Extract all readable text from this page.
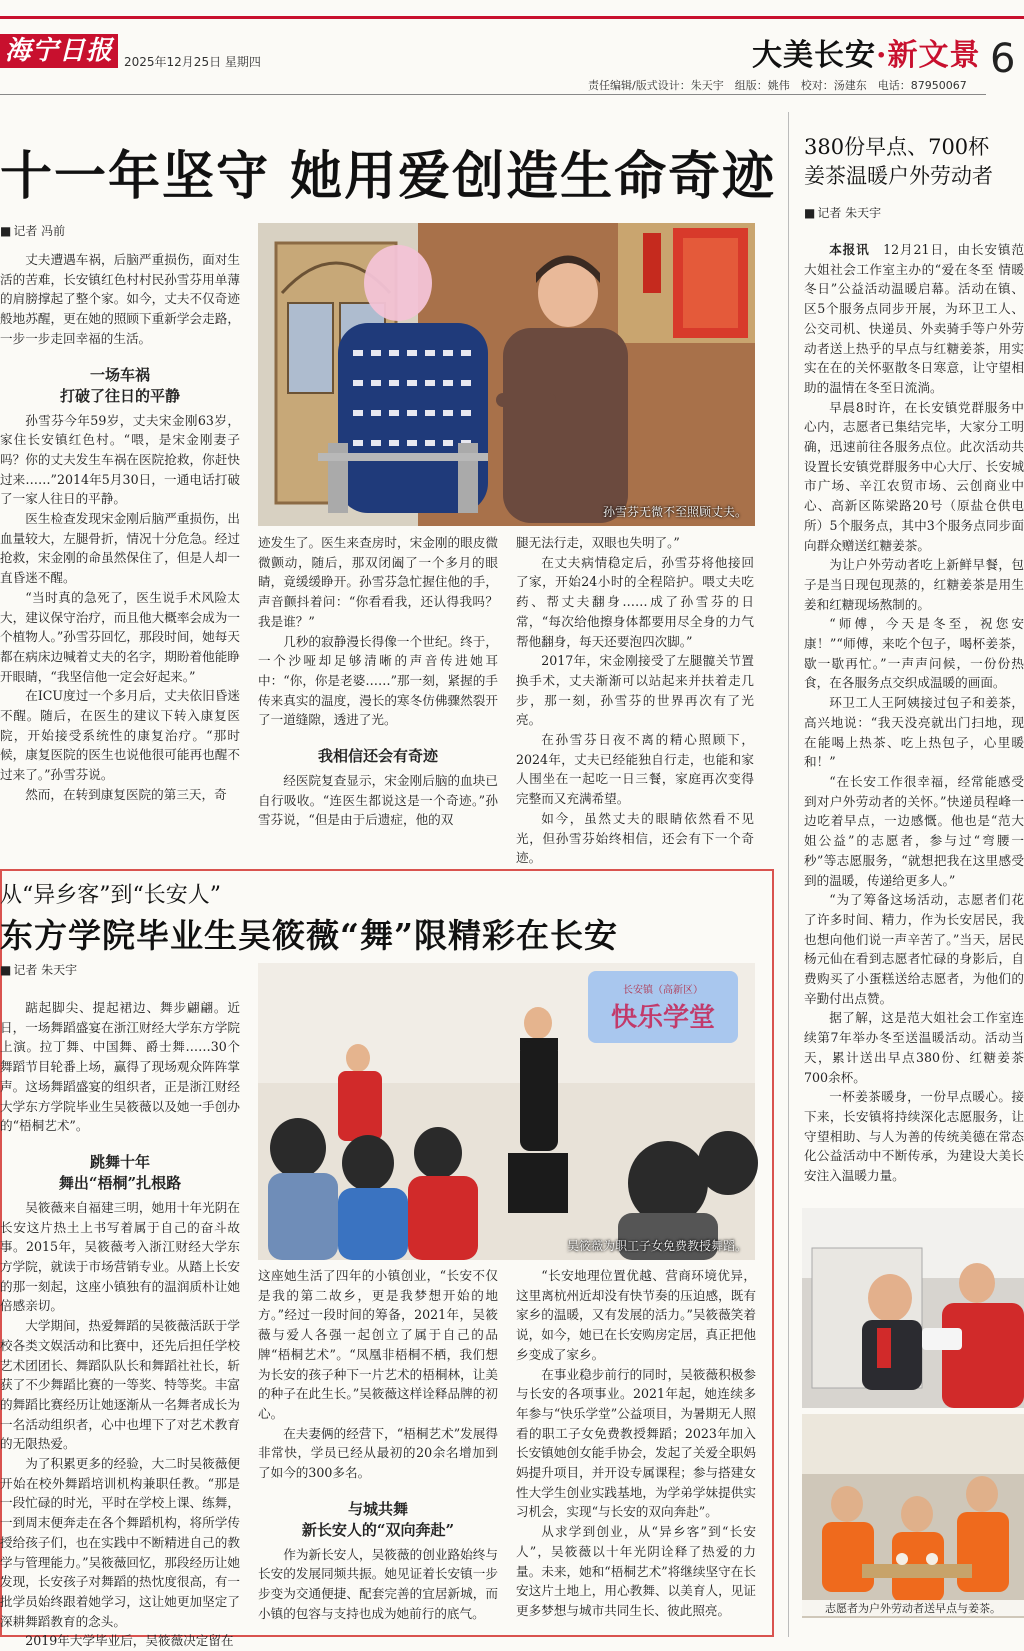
海宁日报 2025年12月25日 星期四	大美长安·新文景 6
责任编辑/版式设计：朱天宇　组版：姚伟　校对：汤建东　电话：87950067
十一年坚守 她用爱创造生命奇迹
■ 记者 冯前

丈夫遭遇车祸，后脑严重损伤，面对生活的苦难，长安镇红色村村民孙雪芬用单薄的肩膀撑起了整个家。如今，丈夫不仅奇迹般地苏醒，更在她的照顾下重新学会走路，一步一步走回幸福的生活。

一场车祸
打破了往日的平静

孙雪芬今年59岁，丈夫宋金刚63岁，家住长安镇红色村。“喂，是宋金刚妻子吗？你的丈夫发生车祸在医院抢救，你赶快过来……”2014年5月30日，一通电话打破了一家人往日的平静。

医生检查发现宋金刚后脑严重损伤，出血量较大，左腿骨折，情况十分危急。经过抢救，宋金刚的命虽然保住了，但是人却一直昏迷不醒。

“当时真的急死了，医生说手术风险太大，建议保守治疗，而且他大概率会成为一个植物人。”孙雪芬回忆，那段时间，她每天都在病床边喊着丈夫的名字，期盼着他能睁开眼睛，“我坚信他一定会好起来。”

在ICU度过一个多月后，丈夫依旧昏迷不醒。随后，在医生的建议下转入康复医院，开始接受系统性的康复治疗。“那时候，康复医院的医生也说他很可能再也醒不过来了。”孙雪芬说。

然而，在转到康复医院的第三天，奇

迹发生了。医生来查房时，宋金刚的眼皮微微颤动，随后，那双闭阖了一个多月的眼睛，竟缓缓睁开。孙雪芬急忙握住他的手，声音颤抖着问：“你看看我，还认得我吗？我是谁？”

几秒的寂静漫长得像一个世纪。终于，一个沙哑却足够清晰的声音传进她耳中：“你，你是老婆……”那一刻，紧握的手传来真实的温度，漫长的寒冬仿佛骤然裂开了一道缝隙，透进了光。

我相信还会有奇迹

经医院复查显示，宋金刚后脑的血块已自行吸收。“连医生都说这是一个奇迹。”孙雪芬说，“但是由于后遗症，他的双

腿无法行走，双眼也失明了。”

在丈夫病情稳定后，孙雪芬将他接回了家，开始24小时的全程陪护。喂丈夫吃药、帮丈夫翻身……成了孙雪芬的日常，“每次给他擦身体都要用尽全身的力气帮他翻身，每天还要泡四次脚。”

2017年，宋金刚接受了左腿髋关节置换手术，丈夫渐渐可以站起来并扶着走几步，那一刻，孙雪芬的世界再次有了光亮。

在孙雪芬日夜不离的精心照顾下，2024年，丈夫已经能独自行走，也能和家人围坐在一起吃一日三餐，家庭再次变得完整而又充满希望。

如今，虽然丈夫的眼睛依然看不见光，但孙雪芬始终相信，还会有下一个奇迹。

孙雪芬无微不至照顾丈夫。
380份早点、700杯
姜茶温暖户外劳动者
■ 记者 朱天宇

本报讯　12月21日，由长安镇范大姐社会工作室主办的“爱在冬至 情暖冬日”公益活动温暖启幕。活动在镇、区5个服务点同步开展，为环卫工人、公交司机、快递员、外卖骑手等户外劳动者送上热乎的早点与红糖姜茶，用实实在在的关怀驱散冬日寒意，让守望相助的温情在冬至日流淌。

早晨8时许，在长安镇党群服务中心内，志愿者已集结完毕，大家分工明确，迅速前往各服务点位。此次活动共设置长安镇党群服务中心大厅、长安城市广场、辛江农贸市场、云创商业中心、高新区陈梁路20号（原盐仓供电所）5个服务点，其中3个服务点同步面向群众赠送红糖姜茶。

为让户外劳动者吃上新鲜早餐，包子是当日现包现蒸的，红糖姜茶是用生姜和红糖现场熬制的。

“师傅，今天是冬至，祝您安康！”“师傅，来吃个包子，喝杯姜茶，歇一歇再忙。”一声声问候，一份份热食，在各服务点交织成温暖的画面。

环卫工人王阿姨接过包子和姜茶，高兴地说：“我天没亮就出门扫地，现在能喝上热茶、吃上热包子，心里暖和！”

“在长安工作很幸福，经常能感受到对户外劳动者的关怀。”快递员程峰一边吃着早点，一边感慨。他也是“范大姐公益”的志愿者，参与过“弯腰一秒”等志愿服务，“就想把我在这里感受到的温暖，传递给更多人。”

“为了筹备这场活动，志愿者们花了许多时间、精力，作为长安居民，我也想向他们说一声辛苦了。”当天，居民杨元仙在看到志愿者忙碌的身影后，自费购买了小蛋糕送给志愿者，为他们的辛勤付出点赞。

据了解，这是范大姐社会工作室连续第7年举办冬至送温暖活动。活动当天，累计送出早点380份、红糖姜茶700余杯。

一杯姜茶暖身，一份早点暖心。接下来，长安镇将持续深化志愿服务，让守望相助、与人为善的传统美德在常态化公益活动中不断传承，为建设大美长安注入温暖力量。

志愿者为户外劳动者送早点与姜茶。
从“异乡客”到“长安人”
东方学院毕业生吴筱薇“舞”限精彩在长安
■ 记者 朱天宇

踮起脚尖、提起裙边、舞步翩翩。近日，一场舞蹈盛宴在浙江财经大学东方学院上演。拉丁舞、中国舞、爵士舞……30个舞蹈节目轮番上场，赢得了现场观众阵阵掌声。这场舞蹈盛宴的组织者，正是浙江财经大学东方学院毕业生吴筱薇以及她一手创办的“梧桐艺术”。

跳舞十年
舞出“梧桐”扎根路

吴筱薇来自福建三明，她用十年光阴在长安这片热土上书写着属于自己的奋斗故事。2015年，吴筱薇考入浙江财经大学东方学院，就读于市场营销专业。从踏上长安的那一刻起，这座小镇独有的温润质朴让她倍感亲切。

大学期间，热爱舞蹈的吴筱薇活跃于学校各类文娱活动和比赛中，还先后担任学校艺术团团长、舞蹈队队长和舞蹈社社长，斩获了不少舞蹈比赛的一等奖、特等奖。丰富的舞蹈比赛经历让她逐渐从一名舞者成长为一名活动组织者，心中也埋下了对艺术教育的无限热爱。

为了积累更多的经验，大二时吴筱薇便开始在校外舞蹈培训机构兼职任教。“那是一段忙碌的时光，平时在学校上课、练舞，一到周末便奔走在各个舞蹈机构，将所学传授给孩子们，也在实践中不断精进自己的教学与管理能力。”吴筱薇回忆，那段经历让她发现，长安孩子对舞蹈的热忱度很高，有一批学员始终跟着她学习，这让她更加坚定了深耕舞蹈教育的念头。

2019年大学毕业后，吴筱薇决定留在

这座她生活了四年的小镇创业，“长安不仅是我的第二故乡，更是我梦想开始的地方。”经过一段时间的筹备，2021年，吴筱薇与爱人各强一起创立了属于自己的品牌“梧桐艺术”。“凤凰非梧桐不栖，我们想为长安的孩子种下一片艺术的梧桐林，让美的种子在此生长。”吴筱薇这样诠释品牌的初心。

在夫妻俩的经营下，“梧桐艺术”发展得非常快，学员已经从最初的20余名增加到了如今的300多名。

与城共舞
新长安人的“双向奔赴”

作为新长安人，吴筱薇的创业路始终与长安的发展同频共振。她见证着长安镇一步步变为交通便捷、配套完善的宜居新城，而小镇的包容与支持也成为她前行的底气。

“长安地理位置优越、营商环境优异，这里离杭州近却没有快节奏的压迫感，既有家乡的温暖，又有发展的活力。”吴筱薇笑着说，如今，她已在长安购房定居，真正把他乡变成了家乡。

在事业稳步前行的同时，吴筱薇积极参与长安的各项事业。2021年起，她连续多年参与“快乐学堂”公益项目，为暑期无人照看的职工子女免费教授舞蹈；2023年加入长安镇她创女能手协会，发起了关爱全职妈妈提升项目，并开设专属课程；参与搭建女性大学生创业实践基地，为学弟学妹提供实习机会，实现“与长安的双向奔赴”。

从求学到创业，从“异乡客”到“长安人”，吴筱薇以十年光阴诠释了热爱的力量。未来，她和“梧桐艺术”将继续坚守在长安这片土地上，用心教舞、以美育人，见证更多梦想与城市共同生长、彼此照亮。

长安镇（高新区）
快乐学堂
吴筱薇为职工子女免费教授舞蹈。
